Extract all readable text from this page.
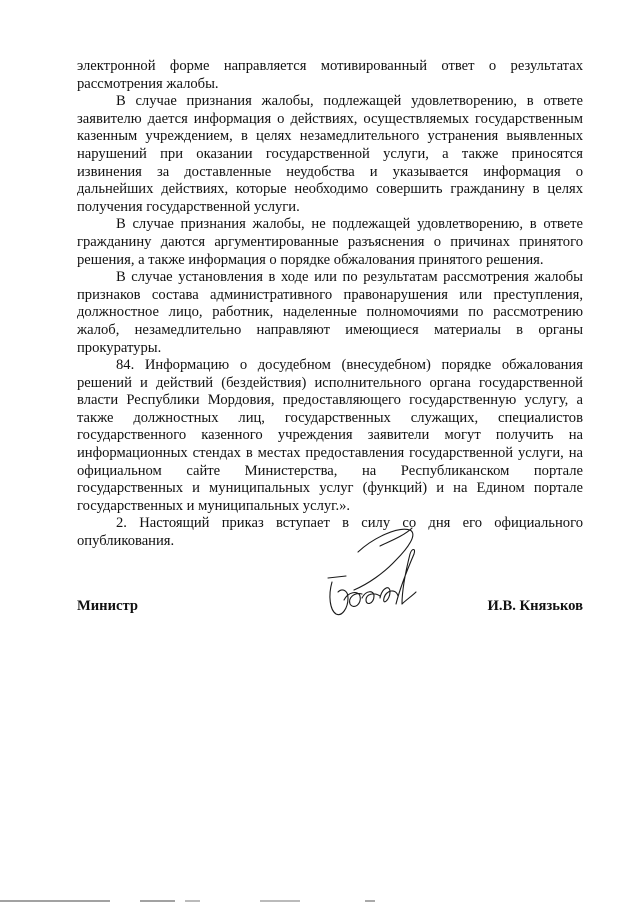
электронной форме направляется мотивированный ответ о результатах рассмотрения жалобы.

В случае признания жалобы, подлежащей удовлетворению, в ответе заявителю дается информация о действиях, осуществляемых государственным казенным учреждением, в целях незамедлительного устранения выявленных нарушений при оказании государственной услуги, а также приносятся извинения за доставленные неудобства и указывается информация о дальнейших действиях, которые необходимо совершить гражданину в целях получения государственной услуги.

В случае признания жалобы, не подлежащей удовлетворению, в ответе гражданину даются аргументированные разъяснения о причинах принятого решения, а также информация о порядке обжалования принятого решения.

В случае установления в ходе или по результатам рассмотрения жалобы признаков состава административного правонарушения или преступления, должностное лицо, работник, наделенные полномочиями по рассмотрению жалоб, незамедлительно направляют имеющиеся материалы в органы прокуратуры.

84. Информацию о досудебном (внесудебном) порядке обжалования решений и действий (бездействия) исполнительного органа государственной власти Республики Мордовия, предоставляющего государственную услугу, а также должностных лиц, государственных служащих, специалистов государственного казенного учреждения заявители могут получить на информационных стендах в местах предоставления государственной услуги, на официальном сайте Министерства, на Республиканском портале государственных и муниципальных услуг (функций) и на Едином портале государственных и муниципальных услуг.».

2. Настоящий приказ вступает в силу со дня его официального опубликования.

Министр	И.В. Князьков
